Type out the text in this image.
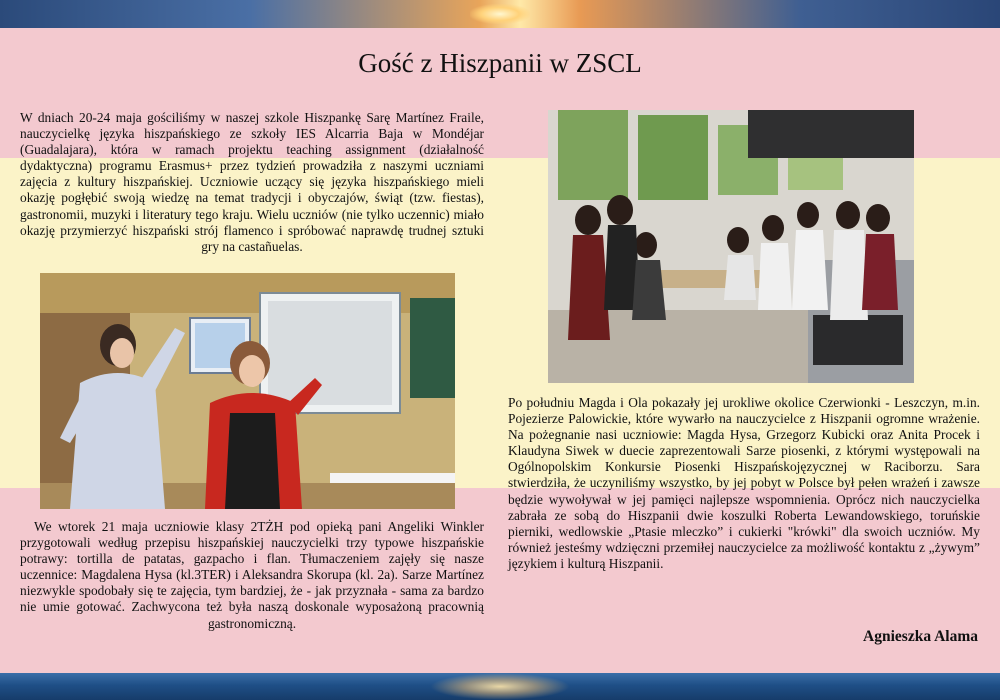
Gość z Hiszpanii w ZSCL

W dniach 20-24 maja gościliśmy w naszej szkole Hiszpankę Sarę Martínez Fraile, nauczycielkę języka hiszpańskiego ze szkoły IES Alcarria Baja w Mondéjar (Guadalajara), która w ramach projektu teaching assignment (działalność dydaktyczna) programu Erasmus+ przez tydzień prowadziła z naszymi uczniami zajęcia z kultury hiszpańskiej. Uczniowie uczący się języka hiszpańskiego mieli okazję pogłębić swoją wiedzę na temat tradycji i obyczajów, świąt (tzw. fiestas), gastronomii, muzyki i literatury tego kraju. Wielu uczniów (nie tylko uczennic) miało okazję przymierzyć hiszpański strój flamenco i spróbować naprawdę trudnej sztuki gry na castañuelas.

We wtorek 21 maja uczniowie klasy 2TŻH pod opieką pani Angeliki Winkler przygotowali według przepisu hiszpańskiej nauczycielki trzy typowe hiszpańskie potrawy: tortilla de patatas, gazpacho i flan. Tłumaczeniem zajęły się nasze uczennice: Magdalena Hysa (kl.3TER) i Aleksandra Skorupa (kl. 2a). Sarze Martínez niezwykle spodobały się te zajęcia, tym bardziej, że - jak przyznała - sama za bardzo nie umie gotować. Zachwycona też była naszą doskonale wyposażoną pracownią gastronomiczną.

Po południu Magda i Ola pokazały jej urokliwe okolice Czerwionki - Leszczyn, m.in. Pojezierze Palowickie, które wywarło na nauczycielce z Hiszpanii ogromne wrażenie. Na pożegnanie nasi uczniowie: Magda Hysa, Grzegorz Kubicki oraz Anita Procek i Klaudyna Siwek w duecie zaprezentowali Sarze piosenki, z którymi występowali na Ogólnopolskim Konkursie Piosenki Hiszpańskojęzycznej w Raciborzu. Sara stwierdziła, że uczyniliśmy wszystko, by jej pobyt w Polsce był pełen wrażeń i zawsze będzie wywoływał w jej pamięci najlepsze wspomnienia. Oprócz nich nauczycielka zabrała ze sobą do Hiszpanii dwie koszulki Roberta Lewandowskiego, toruńskie pierniki, wedlowskie „Ptasie mleczko” i cukierki "krówki" dla swoich uczniów. My również jesteśmy wdzięczni przemiłej nauczycielce za możliwość kontaktu z „żywym” językiem i kulturą Hiszpanii.

Agnieszka Alama
